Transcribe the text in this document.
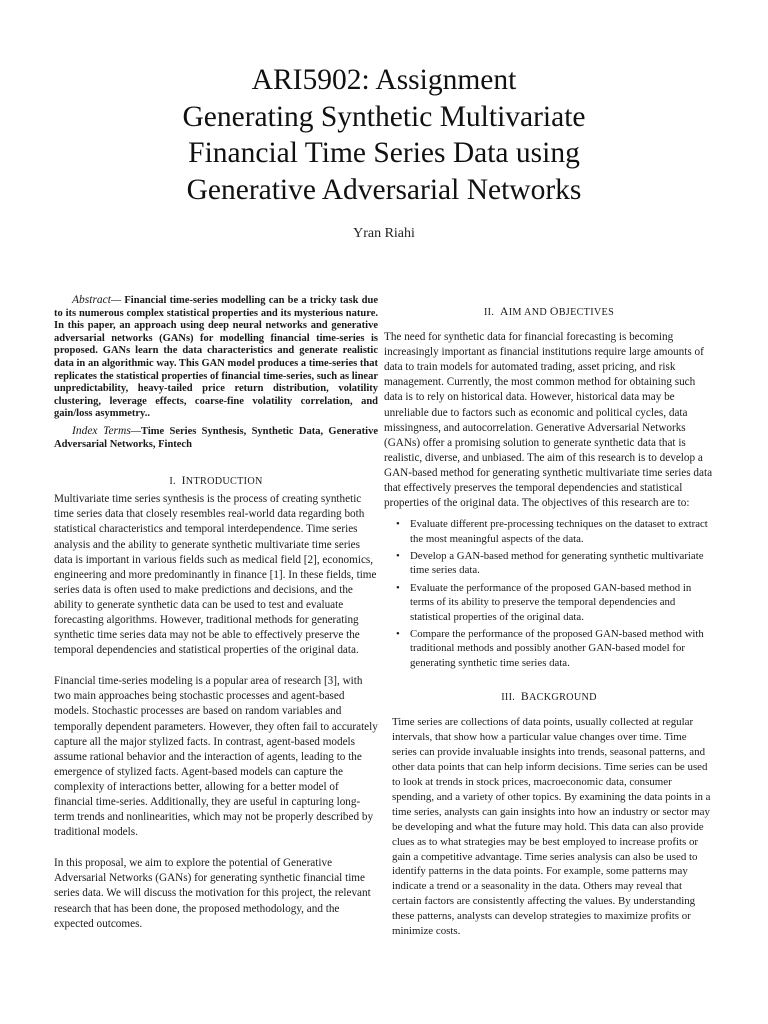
ARI5902: Assignment
Generating Synthetic Multivariate
Financial Time Series Data using
Generative Adversarial Networks
Yran Riahi

Abstract— Financial time-series modelling can be a tricky task due to its numerous complex statistical properties and its mysterious nature. In this paper, an approach using deep neural networks and generative adversarial networks (GANs) for modelling financial time-series is proposed. GANs learn the data characteristics and generate realistic data in an algorithmic way. This GAN model produces a time-series that replicates the statistical properties of financial time-series, such as linear unpredictability, heavy-tailed price return distribution, volatility clustering, leverage effects, coarse-fine volatility correlation, and gain/loss asymmetry..

Index Terms—Time Series Synthesis, Synthetic Data, Generative Adversarial Networks, Fintech

I. INTRODUCTION

Multivariate time series synthesis is the process of creating synthetic time series data that closely resembles real-world data regarding both statistical characteristics and temporal interdependence. Time series analysis and the ability to generate synthetic multivariate time series data is important in various fields such as medical field [2], economics, engineering and more predominantly in finance [1]. In these fields, time series data is often used to make predictions and decisions, and the ability to generate synthetic data can be used to test and evaluate forecasting algorithms. However, traditional methods for generating synthetic time series data may not be able to effectively preserve the temporal dependencies and statistical properties of the original data.

Financial time-series modeling is a popular area of research [3], with two main approaches being stochastic processes and agent-based models. Stochastic processes are based on random variables and temporally dependent parameters. However, they often fail to accurately capture all the major stylized facts. In contrast, agent-based models assume rational behavior and the interaction of agents, leading to the emergence of stylized facts. Agent-based models can capture the complexity of interactions better, allowing for a better model of financial time-series. Additionally, they are useful in capturing long-term trends and nonlinearities, which may not be properly described by traditional models.

In this proposal, we aim to explore the potential of Generative Adversarial Networks (GANs) for generating synthetic financial time series data. We will discuss the motivation for this project, the relevant research that has been done, the proposed methodology, and the expected outcomes.

II. AIM AND OBJECTIVES

The need for synthetic data for financial forecasting is becoming increasingly important as financial institutions require large amounts of data to train models for automated trading, asset pricing, and risk management. Currently, the most common method for obtaining such data is to rely on historical data. However, historical data may be unreliable due to factors such as economic and political cycles, data missingness, and autocorrelation. Generative Adversarial Networks (GANs) offer a promising solution to generate synthetic data that is realistic, diverse, and unbiased. The aim of this research is to develop a GAN-based method for generating synthetic multivariate time series data that effectively preserves the temporal dependencies and statistical properties of the original data. The objectives of this research are to:

• Evaluate different pre-processing techniques on the dataset to extract the most meaningful aspects of the data.
• Develop a GAN-based method for generating synthetic multivariate time series data.
• Evaluate the performance of the proposed GAN-based method in terms of its ability to preserve the temporal dependencies and statistical properties of the original data.
• Compare the performance of the proposed GAN-based method with traditional methods and possibly another GAN-based model for generating synthetic time series data.

III. BACKGROUND

Time series are collections of data points, usually collected at regular intervals, that show how a particular value changes over time. Time series can provide invaluable insights into trends, seasonal patterns, and other data points that can help inform decisions. Time series can be used to look at trends in stock prices, macroeconomic data, consumer spending, and a variety of other topics. By examining the data points in a time series, analysts can gain insights into how an industry or sector may be developing and what the future may hold. This data can also provide clues as to what strategies may be best employed to increase profits or gain a competitive advantage. Time series analysis can also be used to identify patterns in the data points. For example, some patterns may indicate a trend or a seasonality in the data. Others may reveal that certain factors are consistently affecting the values. By understanding these patterns, analysts can develop strategies to maximize profits or minimize costs.
